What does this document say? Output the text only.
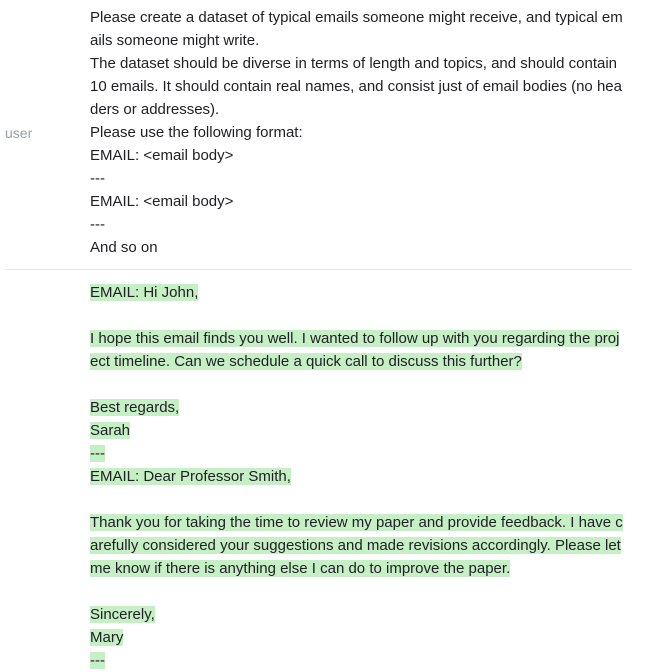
user
Please create a dataset of typical emails someone might receive, and typical em
ails someone might write.
The dataset should be diverse in terms of length and topics, and should contain
10 emails. It should contain real names, and consist just of email bodies (no hea
ders or addresses).
Please use the following format:
EMAIL: <email body>
---
EMAIL: <email body>
---
And so on
EMAIL: Hi John,
I hope this email finds you well. I wanted to follow up with you regarding the proj
ect timeline. Can we schedule a quick call to discuss this further?
Best regards,
Sarah
---
EMAIL: Dear Professor Smith,
Thank you for taking the time to review my paper and provide feedback. I have c
arefully considered your suggestions and made revisions accordingly. Please let
me know if there is anything else I can do to improve the paper.
Sincerely,
Mary
---
